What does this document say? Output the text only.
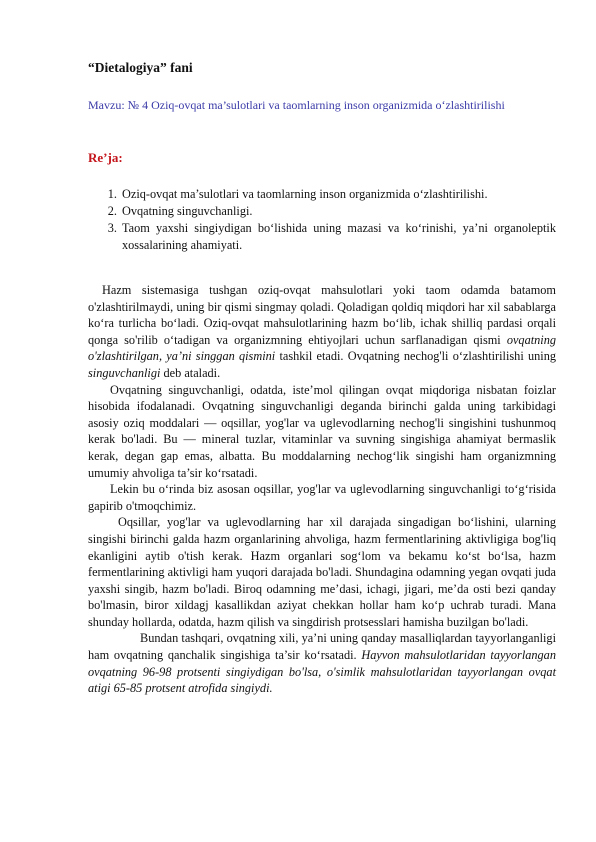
“Dietalogiya” fani
Mavzu: № 4 Oziq-ovqat ma’sulotlari va taomlarning inson organizmida o‘zlashtirilishi
Re’ja:
1. Oziq-ovqat ma’sulotlari va taomlarning inson organizmida o‘zlashtirilishi.
2. Ovqatning singuvchanligi.
3. Taom yaxshi singiydigan bo‘lishida uning mazasi va ko‘rinishi, ya’ni organoleptik xossalarining ahamiyati.

Hazm sistemasiga tushgan oziq-ovqat mahsulotlari yoki taom odamda batamom o'zlashtirilmaydi, uning bir qismi singmay qoladi. Qoladigan qoldiq miqdori har xil sabablarga ko‘ra turlicha bo‘ladi. Oziq-ovqat mahsulotlarining hazm bo‘lib, ichak shilliq pardasi orqali qonga so'rilib o‘tadigan va organizmning ehtiyojlari uchun sarflanadigan qismi ovqatning o'zlashtirilgan, ya’ni singgan qismini tashkil etadi. Ovqatning nechog'li o‘zlashtirilishi uning singuvchanligi deb ataladi.

Ovqatning singuvchanligi, odatda, iste’mol qilingan ovqat miqdoriga nisbatan foizlar hisobida ifodalanadi. Ovqatning singuvchanligi deganda birinchi galda uning tarkibidagi asosiy oziq moddalari — oqsillar, yog'lar va uglevodlarning nechog'li singishini tushunmoq kerak bo'ladi. Bu — mineral tuzlar, vitaminlar va suvning singishiga ahamiyat bermaslik kerak, degan gap emas, albatta. Bu moddalarning nechog‘lik singishi ham organizmning umumiy ahvoliga ta’sir ko‘rsatadi.

Lekin bu o‘rinda biz asosan oqsillar, yog'lar va uglevodlarning singuvchanligi to‘g‘risida gapirib o'tmoqchimiz.

Oqsillar, yog'lar va uglevodlarning har xil darajada singadigan bo‘lishini, ularning singishi birinchi galda hazm organlarining ahvoliga, hazm fermentlarining aktivligiga bog'liq ekanligini aytib o'tish kerak. Hazm organlari sog‘lom va bekamu ko‘st bo‘lsa, hazm fermentlarining aktivligi ham yuqori darajada bo'ladi. Shundagina odamning yegan ovqati juda yaxshi singib, hazm bo'ladi. Biroq odamning me’dasi, ichagi, jigari, me’da osti bezi qanday bo'lmasin, biror xildagj kasallikdan aziyat chekkan hollar ham ko‘p uchrab turadi. Mana shunday hollarda, odatda, hazm qilish va singdirish protsesslari hamisha buzilgan bo'ladi.

Bundan tashqari, ovqatning xili, ya’ni uning qanday masalliqlardan tayyorlanganligi ham ovqatning qanchalik singishiga ta’sir ko‘rsatadi. Hayvon mahsulotlaridan tayyorlangan ovqatning 96-98 protsenti singiydigan bo'lsa, o'simlik mahsulotlaridan tayyorlangan ovqat atigi 65-85 protsent atrofida singiydi.
